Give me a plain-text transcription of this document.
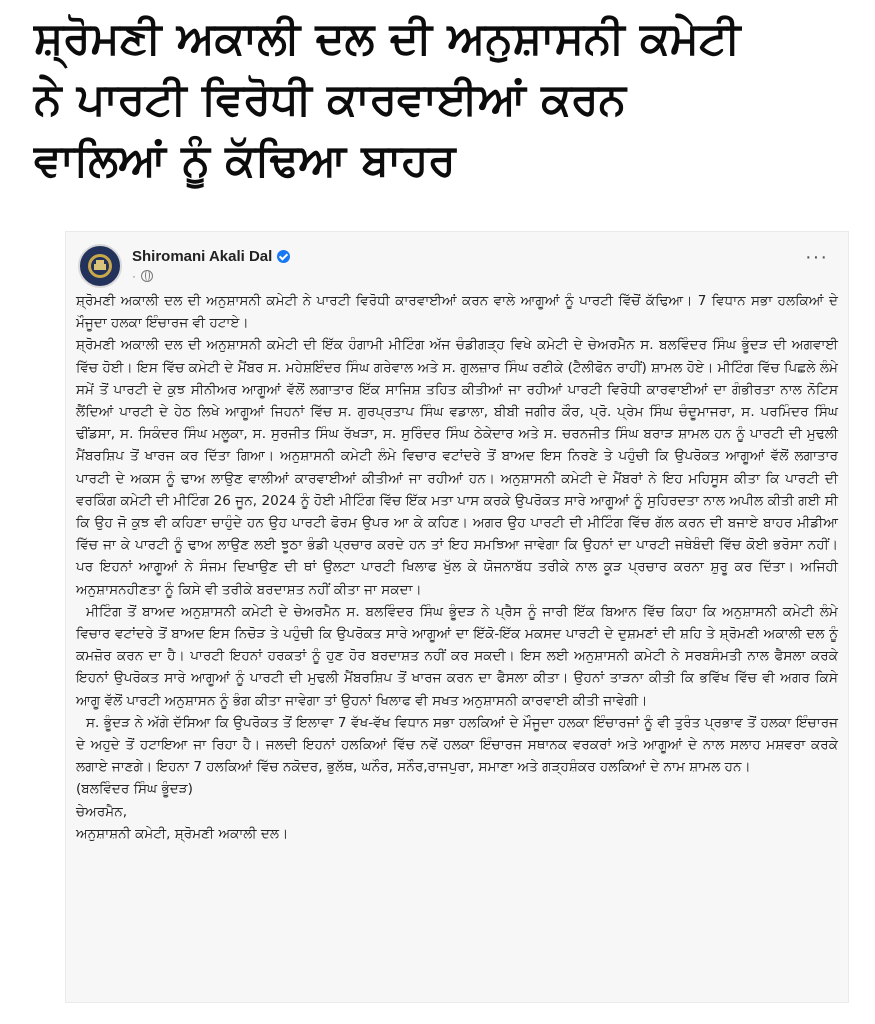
ਸ਼੍ਰੋਮਣੀ ਅਕਾਲੀ ਦਲ ਦੀ ਅਨੁਸ਼ਾਸਨੀ ਕਮੇਟੀ
ਨੇ ਪਾਰਟੀ ਵਿਰੋਧੀ ਕਾਰਵਾਈਆਂ ਕਰਨ
ਵਾਲਿਆਂ ਨੂੰ ਕੱਢਿਆ ਬਾਹਰ
Shiromani Akali Dal
·
···

ਸ਼੍ਰੋਮਣੀ ਅਕਾਲੀ ਦਲ ਦੀ ਅਨੁਸ਼ਾਸਨੀ ਕਮੇਟੀ ਨੇ ਪਾਰਟੀ ਵਿਰੋਧੀ ਕਾਰਵਾਈਆਂ ਕਰਨ ਵਾਲੇ ਆਗੂਆਂ ਨੂੰ ਪਾਰਟੀ ਵਿੱਚੋਂ ਕੱਢਿਆ। 7 ਵਿਧਾਨ ਸਭਾ ਹਲਕਿਆਂ ਦੇ ਮੌਜੂਦਾ ਹਲਕਾ ਇੰਚਾਰਜ ਵੀ ਹਟਾਏ।

ਸ਼੍ਰੋਮਣੀ ਅਕਾਲੀ ਦਲ ਦੀ ਅਨੁਸ਼ਾਸਨੀ ਕਮੇਟੀ ਦੀ ਇੱਕ ਹੰਗਾਮੀ ਮੀਟਿੰਗ ਅੱਜ ਚੰਡੀਗੜ੍ਹ ਵਿਖੇ ਕਮੇਟੀ ਦੇ ਚੇਅਰਮੈਨ ਸ. ਬਲਵਿੰਦਰ ਸਿੰਘ ਭੂੰਦੜ ਦੀ ਅਗਵਾਈ ਵਿੱਚ ਹੋਈ। ਇਸ ਵਿੱਚ ਕਮੇਟੀ ਦੇ ਮੈਂਬਰ ਸ. ਮਹੇਸ਼ਇੰਦਰ ਸਿੰਘ ਗਰੇਵਾਲ ਅਤੇ ਸ. ਗੁਲਜ਼ਾਰ ਸਿੰਘ ਰਣੀਕੇ (ਟੈਲੀਫੋਨ ਰਾਹੀਂ) ਸ਼ਾਮਲ ਹੋਏ। ਮੀਟਿੰਗ ਵਿੱਚ ਪਿਛਲੇ ਲੰਮੇ ਸਮੇਂ ਤੋਂ ਪਾਰਟੀ ਦੇ ਕੁਝ ਸੀਨੀਅਰ ਆਗੂਆਂ ਵੱਲੋਂ ਲਗਾਤਾਰ ਇੱਕ ਸਾਜਿਸ਼ ਤਹਿਤ ਕੀਤੀਆਂ ਜਾ ਰਹੀਆਂ ਪਾਰਟੀ ਵਿਰੋਧੀ ਕਾਰਵਾਈਆਂ ਦਾ ਗੰਭੀਰਤਾ ਨਾਲ ਨੋਟਿਸ ਲੈਂਦਿਆਂ ਪਾਰਟੀ ਦੇ ਹੇਠ ਲਿਖੇ ਆਗੂਆਂ ਜਿਹਨਾਂ ਵਿੱਚ ਸ. ਗੁਰਪ੍ਰਤਾਪ ਸਿੰਘ ਵਡਾਲਾ, ਬੀਬੀ ਜਗੀਰ ਕੌਰ, ਪ੍ਰੋ. ਪ੍ਰੇਮ ਸਿੰਘ ਚੰਦੂਮਾਜਰਾ, ਸ. ਪਰਮਿੰਦਰ ਸਿੰਘ ਢੀਂਡਸਾ, ਸ. ਸਿਕੰਦਰ ਸਿੰਘ ਮਲੂਕਾ, ਸ. ਸੁਰਜੀਤ ਸਿੰਘ ਰੱਖੜਾ, ਸ. ਸੁਰਿੰਦਰ ਸਿੰਘ ਠੇਕੇਦਾਰ ਅਤੇ ਸ. ਚਰਨਜੀਤ ਸਿੰਘ ਬਰਾੜ ਸ਼ਾਮਲ ਹਨ ਨੂੰ ਪਾਰਟੀ ਦੀ ਮੁਢਲੀ ਮੈਂਬਰਸ਼ਿਪ ਤੋਂ ਖਾਰਜ ਕਰ ਦਿੱਤਾ ਗਿਆ। ਅਨੁਸ਼ਾਸਨੀ ਕਮੇਟੀ ਲੰਮੇ ਵਿਚਾਰ ਵਟਾਂਦਰੇ ਤੋਂ ਬਾਅਦ ਇਸ ਨਿਰਣੇ ਤੇ ਪਹੁੰਚੀ ਕਿ ਉਪਰੋਕਤ ਆਗੂਆਂ ਵੱਲੋਂ ਲਗਾਤਾਰ ਪਾਰਟੀ ਦੇ ਅਕਸ ਨੂੰ ਢਾਅ ਲਾਉਣ ਵਾਲੀਆਂ ਕਾਰਵਾਈਆਂ ਕੀਤੀਆਂ ਜਾ ਰਹੀਆਂ ਹਨ। ਅਨੁਸ਼ਾਸਨੀ ਕਮੇਟੀ ਦੇ ਮੈਂਬਰਾਂ ਨੇ ਇਹ ਮਹਿਸੂਸ ਕੀਤਾ ਕਿ ਪਾਰਟੀ ਦੀ ਵਰਕਿੰਗ ਕਮੇਟੀ ਦੀ ਮੀਟਿੰਗ 26 ਜੂਨ, 2024 ਨੂੰ ਹੋਈ ਮੀਟਿੰਗ ਵਿੱਚ ਇੱਕ ਮਤਾ ਪਾਸ ਕਰਕੇ ਉਪਰੋਕਤ ਸਾਰੇ ਆਗੂਆਂ ਨੂੰ ਸੁਹਿਰਦਤਾ ਨਾਲ ਅਪੀਲ ਕੀਤੀ ਗਈ ਸੀ ਕਿ ਉਹ ਜੋ ਕੁਝ ਵੀ ਕਹਿਣਾ ਚਾਹੁੰਦੇ ਹਨ ਉਹ ਪਾਰਟੀ ਫੋਰਮ ਉਪਰ ਆ ਕੇ ਕਹਿਣ। ਅਗਰ ਉਹ ਪਾਰਟੀ ਦੀ ਮੀਟਿੰਗ ਵਿੱਚ ਗੱਲ ਕਰਨ ਦੀ ਬਜਾਏ ਬਾਹਰ ਮੀਡੀਆ ਵਿੱਚ ਜਾ ਕੇ ਪਾਰਟੀ ਨੂੰ ਢਾਅ ਲਾਉਣ ਲਈ ਝੂਠਾ ਭੰਡੀ ਪ੍ਰਚਾਰ ਕਰਦੇ ਹਨ ਤਾਂ ਇਹ ਸਮਝਿਆ ਜਾਵੇਗਾ ਕਿ ਉਹਨਾਂ ਦਾ ਪਾਰਟੀ ਜਥੇਬੰਦੀ ਵਿੱਚ ਕੋਈ ਭਰੋਸਾ ਨਹੀਂ। ਪਰ ਇਹਨਾਂ ਆਗੂਆਂ ਨੇ ਸੰਜਮ ਦਿਖਾਉਣ ਦੀ ਥਾਂ ਉਲਟਾ ਪਾਰਟੀ ਖਿਲਾਫ ਖੁੱਲ ਕੇ ਯੋਜਨਾਬੱਧ ਤਰੀਕੇ ਨਾਲ ਕੂੜ ਪ੍ਰਚਾਰ ਕਰਨਾ ਸ਼ੁਰੂ ਕਰ ਦਿੱਤਾ। ਅਜਿਹੀ ਅਨੁਸ਼ਾਸਨਹੀਣਤਾ ਨੂੰ ਕਿਸੇ ਵੀ ਤਰੀਕੇ ਬਰਦਾਸ਼ਤ ਨਹੀਂ ਕੀਤਾ ਜਾ ਸਕਦਾ।

ਮੀਟਿੰਗ ਤੋਂ ਬਾਅਦ ਅਨੁਸ਼ਾਸਨੀ ਕਮੇਟੀ ਦੇ ਚੇਅਰਮੈਨ ਸ. ਬਲਵਿੰਦਰ ਸਿੰਘ ਭੂੰਦੜ ਨੇ ਪ੍ਰੈਸ ਨੂੰ ਜਾਰੀ ਇੱਕ ਬਿਆਨ ਵਿੱਚ ਕਿਹਾ ਕਿ ਅਨੁਸ਼ਾਸਨੀ ਕਮੇਟੀ ਲੰਮੇ ਵਿਚਾਰ ਵਟਾਂਦਰੇ ਤੋਂ ਬਾਅਦ ਇਸ ਨਿਚੋੜ ਤੇ ਪਹੁੰਚੀ ਕਿ ਉਪਰੋਕਤ ਸਾਰੇ ਆਗੂਆਂ ਦਾ ਇੱਕੋ-ਇੱਕ ਮਕਸਦ ਪਾਰਟੀ ਦੇ ਦੁਸ਼ਮਣਾਂ ਦੀ ਸ਼ਹਿ ਤੇ ਸ਼੍ਰੋਮਣੀ ਅਕਾਲੀ ਦਲ ਨੂੰ ਕਮਜ਼ੋਰ ਕਰਨ ਦਾ ਹੈ। ਪਾਰਟੀ ਇਹਨਾਂ ਹਰਕਤਾਂ ਨੂੰ ਹੁਣ ਹੋਰ ਬਰਦਾਸ਼ਤ ਨਹੀਂ ਕਰ ਸਕਦੀ। ਇਸ ਲਈ ਅਨੁਸ਼ਾਸਨੀ ਕਮੇਟੀ ਨੇ ਸਰਬਸੰਮਤੀ ਨਾਲ ਫੈਸਲਾ ਕਰਕੇ ਇਹਨਾਂ ਉਪਰੋਕਤ ਸਾਰੇ ਆਗੂਆਂ ਨੂੰ ਪਾਰਟੀ ਦੀ ਮੁਢਲੀ ਮੈਂਬਰਸ਼ਿਪ ਤੋਂ ਖਾਰਜ ਕਰਨ ਦਾ ਫੈਸਲਾ ਕੀਤਾ। ਉਹਨਾਂ ਤਾੜਨਾ ਕੀਤੀ ਕਿ ਭਵਿੱਖ ਵਿੱਚ ਵੀ ਅਗਰ ਕਿਸੇ ਆਗੂ ਵੱਲੋਂ ਪਾਰਟੀ ਅਨੁਸ਼ਾਸਨ ਨੂੰ ਭੰਗ ਕੀਤਾ ਜਾਵੇਗਾ ਤਾਂ ਉਹਨਾਂ ਖਿਲਾਫ ਵੀ ਸਖਤ ਅਨੁਸ਼ਾਸਨੀ ਕਾਰਵਾਈ ਕੀਤੀ ਜਾਵੇਗੀ।

ਸ. ਭੂੰਦੜ ਨੇ ਅੱਗੇ ਦੱਸਿਆ ਕਿ ਉਪਰੋਕਤ ਤੋਂ ਇਲਾਵਾ 7 ਵੱਖ-ਵੱਖ ਵਿਧਾਨ ਸਭਾ ਹਲਕਿਆਂ ਦੇ ਮੌਜੂਦਾ ਹਲਕਾ ਇੰਚਾਰਜਾਂ ਨੂੰ ਵੀ ਤੁਰੰਤ ਪ੍ਰਭਾਵ ਤੋਂ ਹਲਕਾ ਇੰਚਾਰਜ ਦੇ ਅਹੁਦੇ ਤੋਂ ਹਟਾਇਆ ਜਾ ਰਿਹਾ ਹੈ। ਜਲਦੀ ਇਹਨਾਂ ਹਲਕਿਆਂ ਵਿੱਚ ਨਵੇਂ ਹਲਕਾ ਇੰਚਾਰਜ ਸਥਾਨਕ ਵਰਕਰਾਂ ਅਤੇ ਆਗੂਆਂ ਦੇ ਨਾਲ ਸਲਾਹ ਮਸ਼ਵਰਾ ਕਰਕੇ ਲਗਾਏ ਜਾਣਗੇ। ਇਹਨਾ 7 ਹਲਕਿਆਂ ਵਿੱਚ ਨਕੋਦਰ, ਭੁਲੱਥ, ਘਨੌਰ, ਸਨੌਰ,ਰਾਜਪੁਰਾ, ਸਮਾਣਾ ਅਤੇ ਗੜ੍ਹਸ਼ੰਕਰ ਹਲਕਿਆਂ ਦੇ ਨਾਮ ਸ਼ਾਮਲ ਹਨ।

(ਬਲਵਿੰਦਰ ਸਿੰਘ ਭੂੰਦੜ)
ਚੇਅਰਮੈਨ,
ਅਨੁਸ਼ਾਸ਼ਨੀ ਕਮੇਟੀ, ਸ਼੍ਰੋਮਣੀ ਅਕਾਲੀ ਦਲ।
